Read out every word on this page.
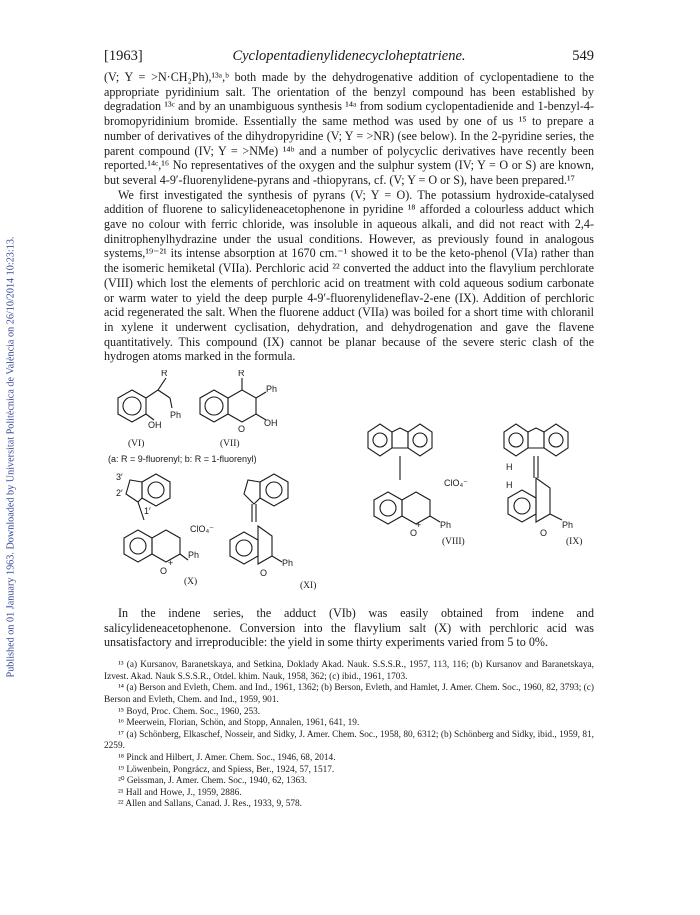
Published on 01 January 1963. Downloaded by Universitat Politècnica de València on 26/10/2014 10:23:13.
[1963]	Cyclopentadienylidenecycloheptatriene.	549

(V; Y = >N·CH₂Ph),¹³ᵃ,ᵇ both made by the dehydrogenative addition of cyclopentadiene to the appropriate pyridinium salt. The orientation of the benzyl compound has been established by degradation ¹³ᶜ and by an unambiguous synthesis ¹⁴ᵃ from sodium cyclopentadienide and 1-benzyl-4-bromopyridinium bromide. Essentially the same method was used by one of us ¹⁵ to prepare a number of derivatives of the dihydropyridine (V; Y = >NR) (see below). In the 2-pyridine series, the parent compound (IV; Y = >NMe) ¹⁴ᵇ and a number of polycyclic derivatives have recently been reported.¹⁴ᶜ,¹⁶ No representatives of the oxygen and the sulphur system (IV; Y = O or S) are known, but several 4-9′-fluorenylidene-pyrans and -thiopyrans, cf. (V; Y = O or S), have been prepared.¹⁷

We first investigated the synthesis of pyrans (V; Y = O). The potassium hydroxide-catalysed addition of fluorene to salicylideneacetophenone in pyridine ¹⁸ afforded a colourless adduct which gave no colour with ferric chloride, was insoluble in aqueous alkali, and did not react with 2,4-dinitrophenylhydrazine under the usual conditions. However, as previously found in analogous systems,¹⁹⁻²¹ its intense absorption at 1670 cm.⁻¹ showed it to be the keto-phenol (VIa) rather than the isomeric hemiketal (VIIa). Perchloric acid ²² converted the adduct into the flavylium perchlorate (VIII) which lost the elements of perchloric acid on treatment with cold aqueous sodium carbonate or warm water to yield the deep purple 4-9′-fluorenylideneflav-2-ene (IX). Addition of perchloric acid regenerated the salt. When the fluorene adduct (VIIa) was boiled for a short time with chloranil in xylene it underwent cyclisation, dehydration, and dehydrogenation and gave the flavene quantitatively. This compound (IX) cannot be planar because of the severe steric clash of the hydrogen atoms marked in the formula.

R
OH
Ph
(VI)
R
Ph
OH
O
(VII)
(a: R = 9-fluorenyl; b: R = 1-fluorenyl)
Ph
O
+
ClO₄⁻
(VIII)
H
H
Ph
O
(IX)
3′
2′
1′
Ph
+
O
ClO₄⁻
(X)
Ph
O
(XI)

In the indene series, the adduct (VIb) was easily obtained from indene and salicylideneacetophenone. Conversion into the flavylium salt (X) with perchloric acid was unsatisfactory and irreproducible: the yield in some thirty experiments varied from 5 to 0%.

¹³ (a) Kursanov, Baranetskaya, and Setkina, Doklady Akad. Nauk. S.S.S.R., 1957, 113, 116; (b) Kursanov and Baranetskaya, Izvest. Akad. Nauk S.S.S.R., Otdel. khim. Nauk, 1958, 362; (c) ibid., 1961, 1703.

¹⁴ (a) Berson and Evleth, Chem. and Ind., 1961, 1362; (b) Berson, Evleth, and Hamlet, J. Amer. Chem. Soc., 1960, 82, 3793; (c) Berson and Evleth, Chem. and Ind., 1959, 901.

¹⁵ Boyd, Proc. Chem. Soc., 1960, 253.

¹⁶ Meerwein, Florian, Schön, and Stopp, Annalen, 1961, 641, 19.

¹⁷ (a) Schönberg, Elkaschef, Nosseir, and Sidky, J. Amer. Chem. Soc., 1958, 80, 6312; (b) Schönberg and Sidky, ibid., 1959, 81, 2259.

¹⁸ Pinck and Hilbert, J. Amer. Chem. Soc., 1946, 68, 2014.

¹⁹ Löwenbein, Pongrácz, and Spiess, Ber., 1924, 57, 1517.

²⁰ Geissman, J. Amer. Chem. Soc., 1940, 62, 1363.

²¹ Hall and Howe, J., 1959, 2886.

²² Allen and Sallans, Canad. J. Res., 1933, 9, 578.
